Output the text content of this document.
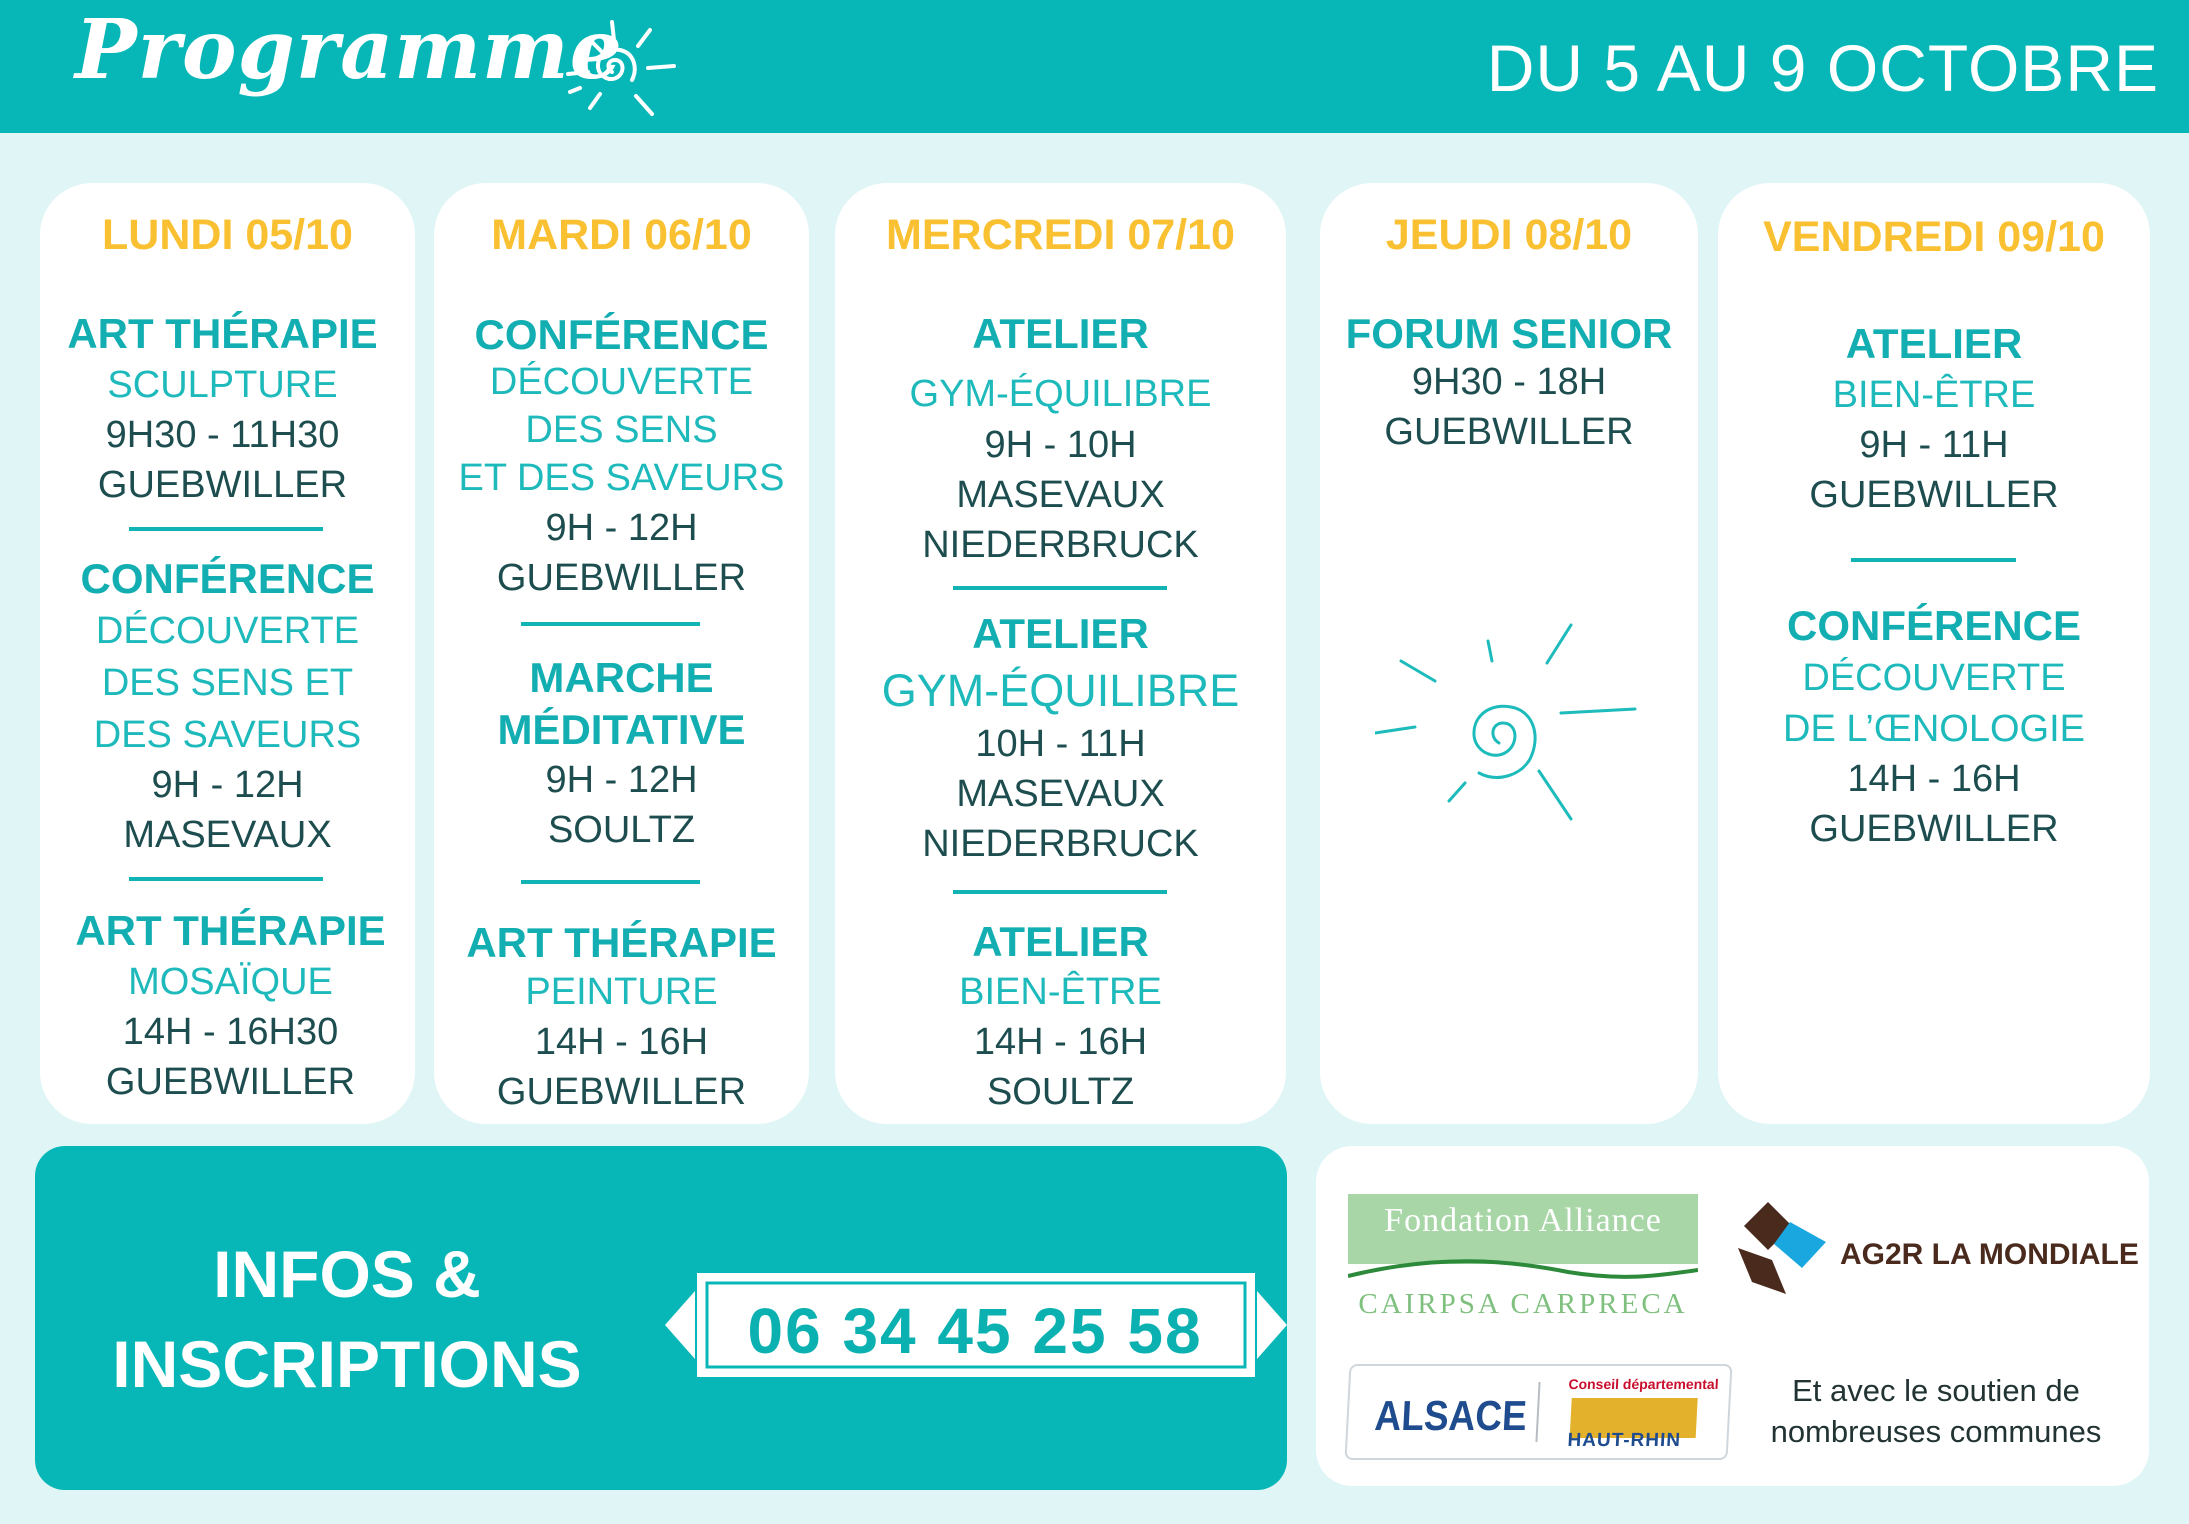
Programme	DU 5 AU 9 OCTOBRE
LUNDI 05/10
ART THÉRAPIE
SCULPTURE
9H30 - 11H30
GUEBWILLER
CONFÉRENCE
DÉCOUVERTE
DES SENS ET
DES SAVEURS
9H - 12H
MASEVAUX
ART THÉRAPIE
MOSAÏQUE
14H - 16H30
GUEBWILLER
MARDI 06/10
CONFÉRENCE
DÉCOUVERTE
DES SENS
ET DES SAVEURS
9H - 12H
GUEBWILLER
MARCHE
MÉDITATIVE
9H - 12H
SOULTZ
ART THÉRAPIE
PEINTURE
14H - 16H
GUEBWILLER
MERCREDI 07/10
ATELIER
GYM-ÉQUILIBRE
9H - 10H
MASEVAUX
NIEDERBRUCK
ATELIER
GYM-ÉQUILIBRE
10H - 11H
MASEVAUX
NIEDERBRUCK
ATELIER
BIEN-ÊTRE
14H - 16H
SOULTZ
JEUDI 08/10
FORUM SENIOR
9H30 - 18H
GUEBWILLER
VENDREDI 09/10
ATELIER
BIEN-ÊTRE
9H - 11H
GUEBWILLER
CONFÉRENCE
DÉCOUVERTE
DE L’ŒNOLOGIE
14H - 16H
GUEBWILLER
INFOS &
INSCRIPTIONS	06 34 45 25 58
Fondation Alliance
CAIRPSA CARPRECA
AG2R LA MONDIALE
ALSACE
Conseil départemental
HAUT-RHIN
Et avec le soutien de
nombreuses communes
